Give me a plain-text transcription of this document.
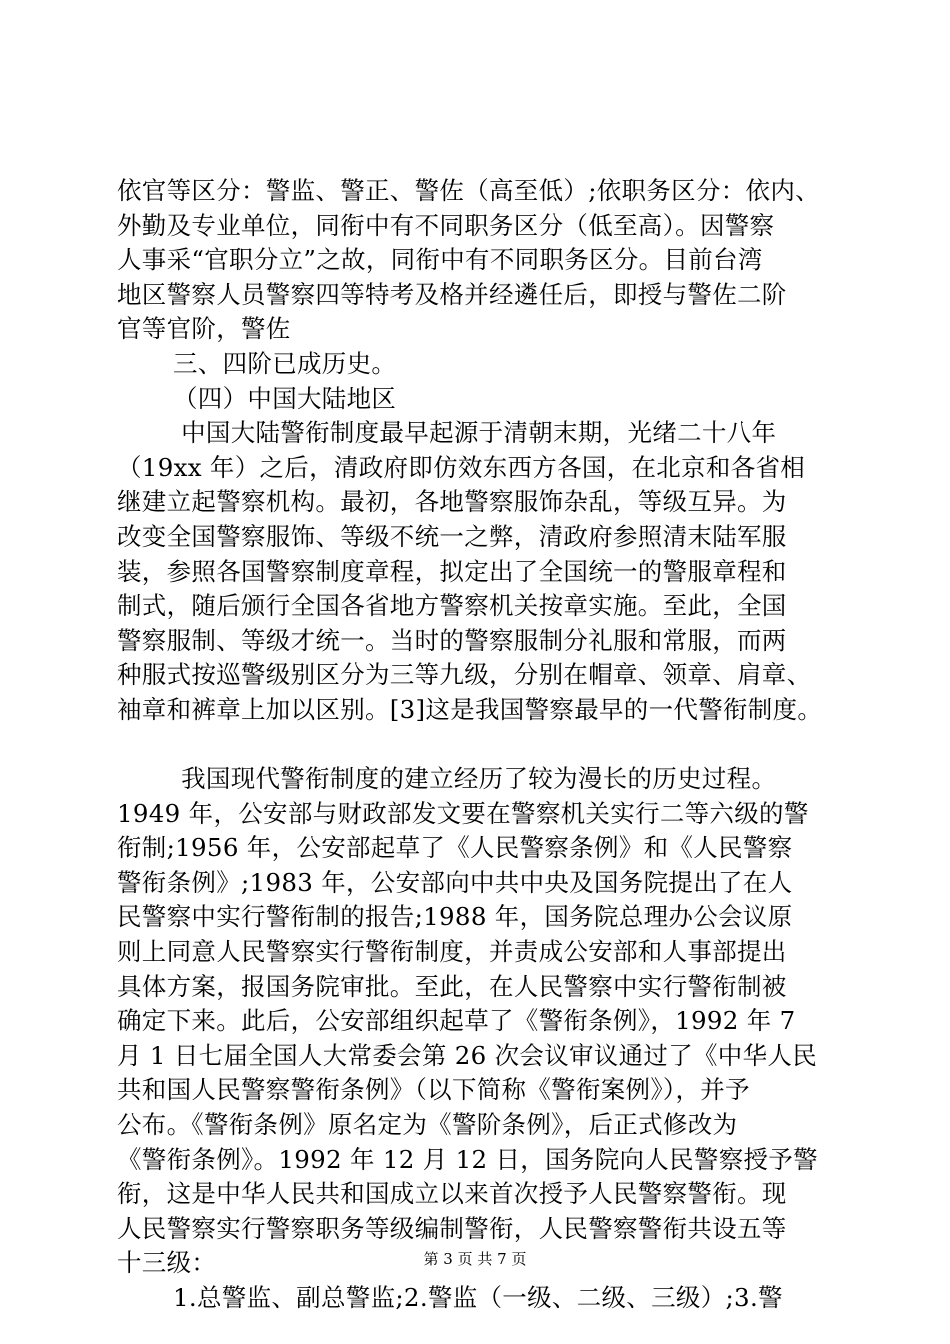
依官等区分：警监、警正、警佐（高至低）;依职务区分：依内、
外勤及专业单位，同衔中有不同职务区分（低至高）。因警察
人事采“官职分立”之故，同衔中有不同职务区分。目前台湾
地区警察人员警察四等特考及格并经遴任后，即授与警佐二阶
官等官阶，警佐
三、四阶已成历史。
（四）中国大陆地区
中国大陆警衔制度最早起源于清朝末期，光绪二十八年
（19xx 年）之后，清政府即仿效东西方各国，在北京和各省相
继建立起警察机构。最初，各地警察服饰杂乱，等级互异。为
改变全国警察服饰、等级不统一之弊，清政府参照清末陆军服
装，参照各国警察制度章程，拟定出了全国统一的警服章程和
制式，随后颁行全国各省地方警察机关按章实施。至此，全国
警察服制、等级才统一。当时的警察服制分礼服和常服，而两
种服式按巡警级别区分为三等九级，分别在帽章、领章、肩章、
袖章和裤章上加以区别。[3]这是我国警察最早的一代警衔制度。
我国现代警衔制度的建立经历了较为漫长的历史过程。
1949 年，公安部与财政部发文要在警察机关实行二等六级的警
衔制;1956 年，公安部起草了《人民警察条例》和《人民警察
警衔条例》;1983 年，公安部向中共中央及国务院提出了在人
民警察中实行警衔制的报告;1988 年，国务院总理办公会议原
则上同意人民警察实行警衔制度，并责成公安部和人事部提出
具体方案，报国务院审批。至此，在人民警察中实行警衔制被
确定下来。此后，公安部组织起草了《警衔条例》，1992 年 7
月 1 日七届全国人大常委会第 26 次会议审议通过了《中华人民
共和国人民警察警衔条例》（以下简称《警衔案例》），并予
公布。《警衔条例》原名定为《警阶条例》，后正式修改为
《警衔条例》。1992 年 12 月 12 日，国务院向人民警察授予警
衔，这是中华人民共和国成立以来首次授予人民警察警衔。现
人民警察实行警察职务等级编制警衔，人民警察警衔共设五等
十三级：
1.总警监、副总警监;2.警监（一级、二级、三级）;3.警
第 3 页 共 7 页
